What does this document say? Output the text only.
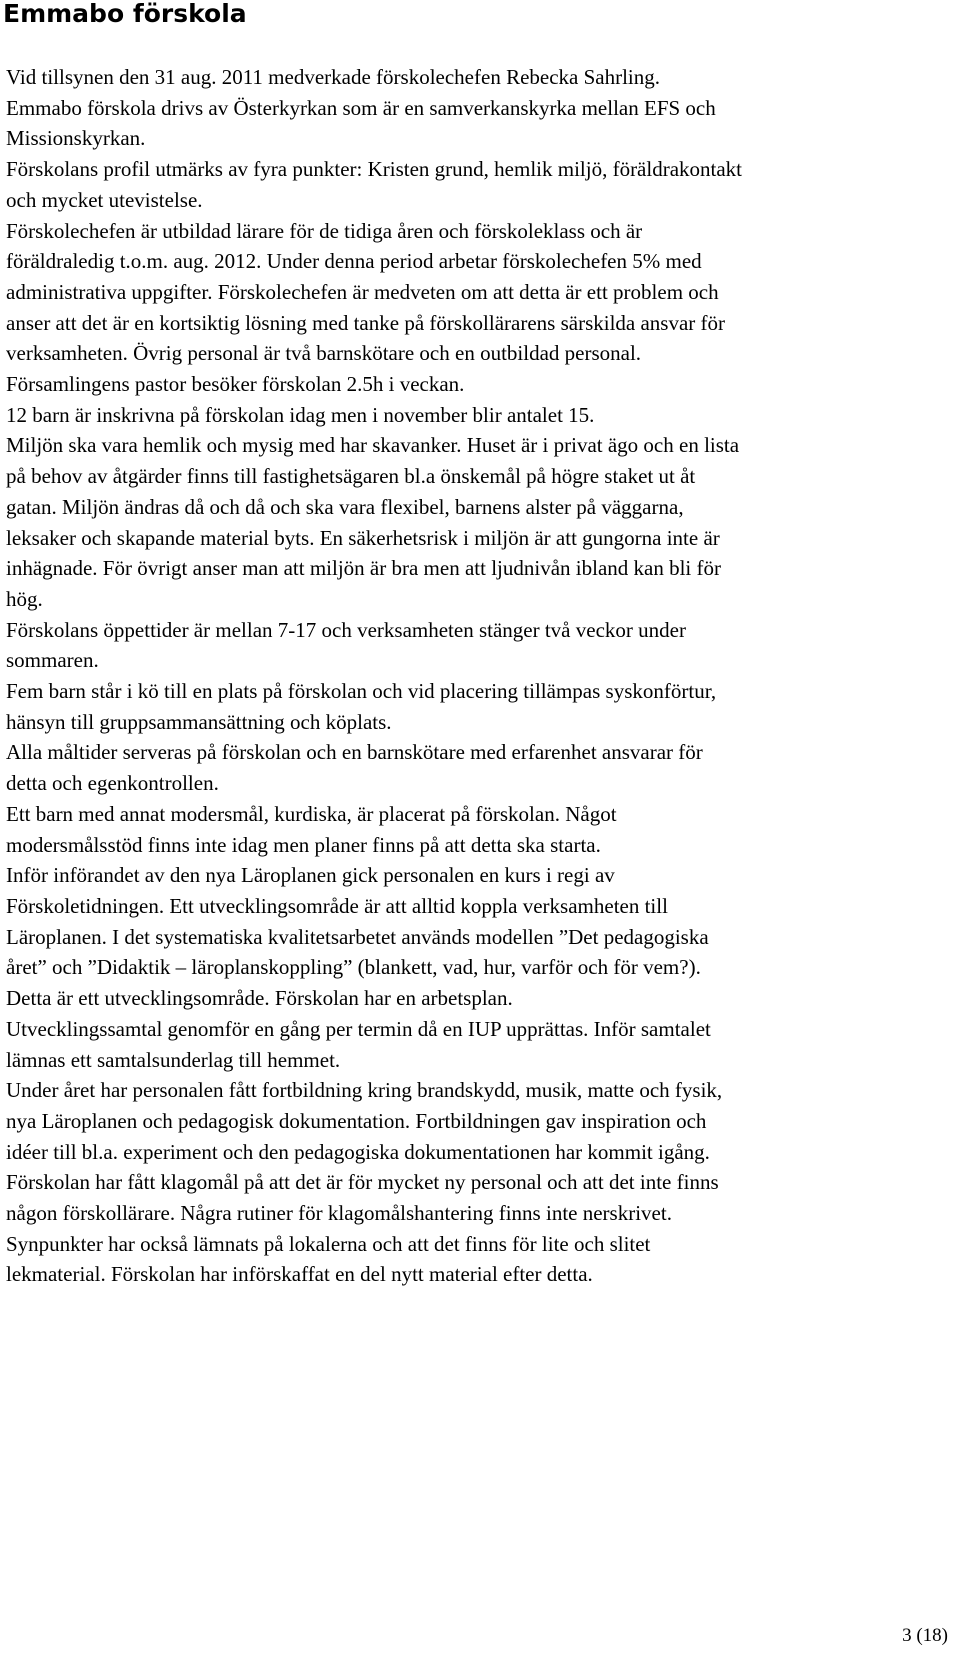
Emmabo förskola
Vid tillsynen den 31 aug. 2011 medverkade förskolechefen Rebecka Sahrling.
Emmabo förskola drivs av Österkyrkan som är en samverkanskyrka mellan EFS och
Missionskyrkan.
Förskolans profil utmärks av fyra punkter: Kristen grund, hemlik miljö, föräldrakontakt
och mycket utevistelse.
Förskolechefen är utbildad lärare för de tidiga åren och förskoleklass och är
föräldraledig t.o.m. aug. 2012. Under denna period arbetar förskolechefen 5% med
administrativa uppgifter. Förskolechefen är medveten om att detta är ett problem och
anser att det är en kortsiktig lösning med tanke på förskollärarens särskilda ansvar för
verksamheten. Övrig personal är två barnskötare och en outbildad personal.
Församlingens pastor besöker förskolan 2.5h i veckan.
12 barn är inskrivna på förskolan idag men i november blir antalet 15.
Miljön ska vara hemlik och mysig med har skavanker. Huset är i privat ägo och en lista
på behov av åtgärder finns till fastighetsägaren bl.a önskemål på högre staket ut åt
gatan. Miljön ändras då och då och ska vara flexibel, barnens alster på väggarna,
leksaker och skapande material byts. En säkerhetsrisk i miljön är att gungorna inte är
inhägnade. För övrigt anser man att miljön är bra men att ljudnivån ibland kan bli för
hög.
Förskolans öppettider är mellan 7-17 och verksamheten stänger två veckor under
sommaren.
Fem barn står i kö till en plats på förskolan och vid placering tillämpas syskonförtur,
hänsyn till gruppsammansättning och köplats.
Alla måltider serveras på förskolan och en barnskötare med erfarenhet ansvarar för
detta och egenkontrollen.
Ett barn med annat modersmål, kurdiska, är placerat på förskolan. Något
modersmålsstöd finns inte idag men planer finns på att detta ska starta.
Inför införandet av den nya Läroplanen gick personalen en kurs i regi av
Förskoletidningen. Ett utvecklingsområde är att alltid koppla verksamheten till
Läroplanen. I det systematiska kvalitetsarbetet används modellen ”Det pedagogiska
året” och ”Didaktik – läroplanskoppling” (blankett, vad, hur, varför och för vem?).
Detta är ett utvecklingsområde. Förskolan har en arbetsplan.
Utvecklingssamtal genomför en gång per termin då en IUP upprättas. Inför samtalet
lämnas ett samtalsunderlag till hemmet.
Under året har personalen fått fortbildning kring brandskydd, musik, matte och fysik,
nya Läroplanen och pedagogisk dokumentation. Fortbildningen gav inspiration och
idéer till bl.a. experiment och den pedagogiska dokumentationen har kommit igång.
Förskolan har fått klagomål på att det är för mycket ny personal och att det inte finns
någon förskollärare. Några rutiner för klagomålshantering finns inte nerskrivet.
Synpunkter har också lämnats på lokalerna och att det finns för lite och slitet
lekmaterial. Förskolan har införskaffat en del nytt material efter detta.
3 (18)
